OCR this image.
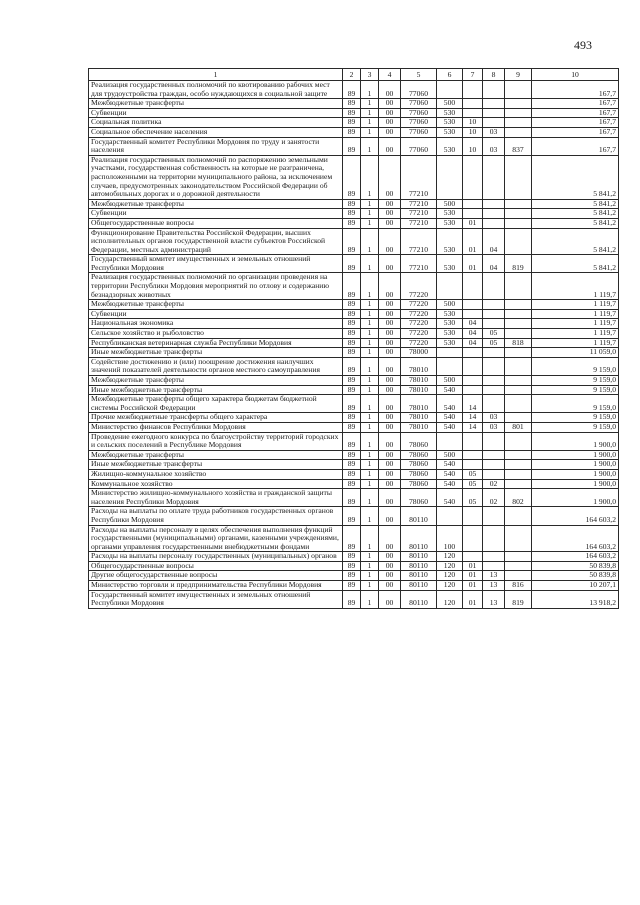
493
1	2	3	4	5	6	7	8	9	10
Реализация государственных полномочий по квотированию рабочих мест для трудоустройства граждан, особо нуждающихся в социальной защите	89	1	00	77060					167,7
Межбюджетные трансферты	89	1	00	77060	500				167,7
Субвенции	89	1	00	77060	530				167,7
Социальная политика	89	1	00	77060	530	10			167,7
Социальное обеспечение населения	89	1	00	77060	530	10	03		167,7
Государственный комитет Республики Мордовия по труду и занятости населения	89	1	00	77060	530	10	03	837	167,7
Реализация государственных полномочий по распоряжению земельными участками, государственная собственность на которые не разграничена, расположенными на территории муниципального района, за исключением случаев, предусмотренных законодательством Российской Федерации об автомобильных дорогах и о дорожной деятельности	89	1	00	77210					5 841,2
Межбюджетные трансферты	89	1	00	77210	500				5 841,2
Субвенции	89	1	00	77210	530				5 841,2
Общегосударственные вопросы	89	1	00	77210	530	01			5 841,2
Функционирование Правительства Российской Федерации, высших исполнительных органов государственной власти субъектов Российской Федерации, местных администраций	89	1	00	77210	530	01	04		5 841,2
Государственный комитет имущественных и земельных отношений Республики Мордовия	89	1	00	77210	530	01	04	819	5 841,2
Реализация государственных полномочий по организации проведения на территории Республики Мордовия мероприятий по отлову и содержанию безнадзорных животных	89	1	00	77220					1 119,7
Межбюджетные трансферты	89	1	00	77220	500				1 119,7
Субвенции	89	1	00	77220	530				1 119,7
Национальная экономика	89	1	00	77220	530	04			1 119,7
Сельское хозяйство и рыболовство	89	1	00	77220	530	04	05		1 119,7
Республиканская ветеринарная служба Республики Мордовия	89	1	00	77220	530	04	05	818	1 119,7
Иные межбюджетные трансферты	89	1	00	78000					11 059,0
Содействие достижению и (или) поощрение достижения наилучших значений показателей деятельности органов местного самоуправления	89	1	00	78010					9 159,0
Межбюджетные трансферты	89	1	00	78010	500				9 159,0
Иные межбюджетные трансферты	89	1	00	78010	540				9 159,0
Межбюджетные трансферты общего характера бюджетам бюджетной системы Российской Федерации	89	1	00	78010	540	14			9 159,0
Прочие межбюджетные трансферты общего характера	89	1	00	78010	540	14	03		9 159,0
Министерство финансов Республики Мордовия	89	1	00	78010	540	14	03	801	9 159,0
Проведение ежегодного конкурса по благоустройству территорий городских и сельских поселений в Республике Мордовия	89	1	00	78060					1 900,0
Межбюджетные трансферты	89	1	00	78060	500				1 900,0
Иные межбюджетные трансферты	89	1	00	78060	540				1 900,0
Жилищно-коммунальное хозяйство	89	1	00	78060	540	05			1 900,0
Коммунальное хозяйство	89	1	00	78060	540	05	02		1 900,0
Министерство жилищно-коммунального хозяйства и гражданской защиты населения Республики Мордовия	89	1	00	78060	540	05	02	802	1 900,0
Расходы на выплаты по оплате труда работников государственных органов Республики Мордовия	89	1	00	80110					164 603,2
Расходы на выплаты персоналу в целях обеспечения выполнения функций государственными (муниципальными) органами, казенными учреждениями, органами управления государственными внебюджетными фондами	89	1	00	80110	100				164 603,2
Расходы на выплаты персоналу государственных (муниципальных) органов	89	1	00	80110	120				164 603,2
Общегосударственные вопросы	89	1	00	80110	120	01			50 839,8
Другие общегосударственные вопросы	89	1	00	80110	120	01	13		50 839,8
Министерство торговли и предпринимательства Республики Мордовия	89	1	00	80110	120	01	13	816	10 207,1
Государственный комитет имущественных и земельных отношений Республики Мордовия	89	1	00	80110	120	01	13	819	13 918,2
